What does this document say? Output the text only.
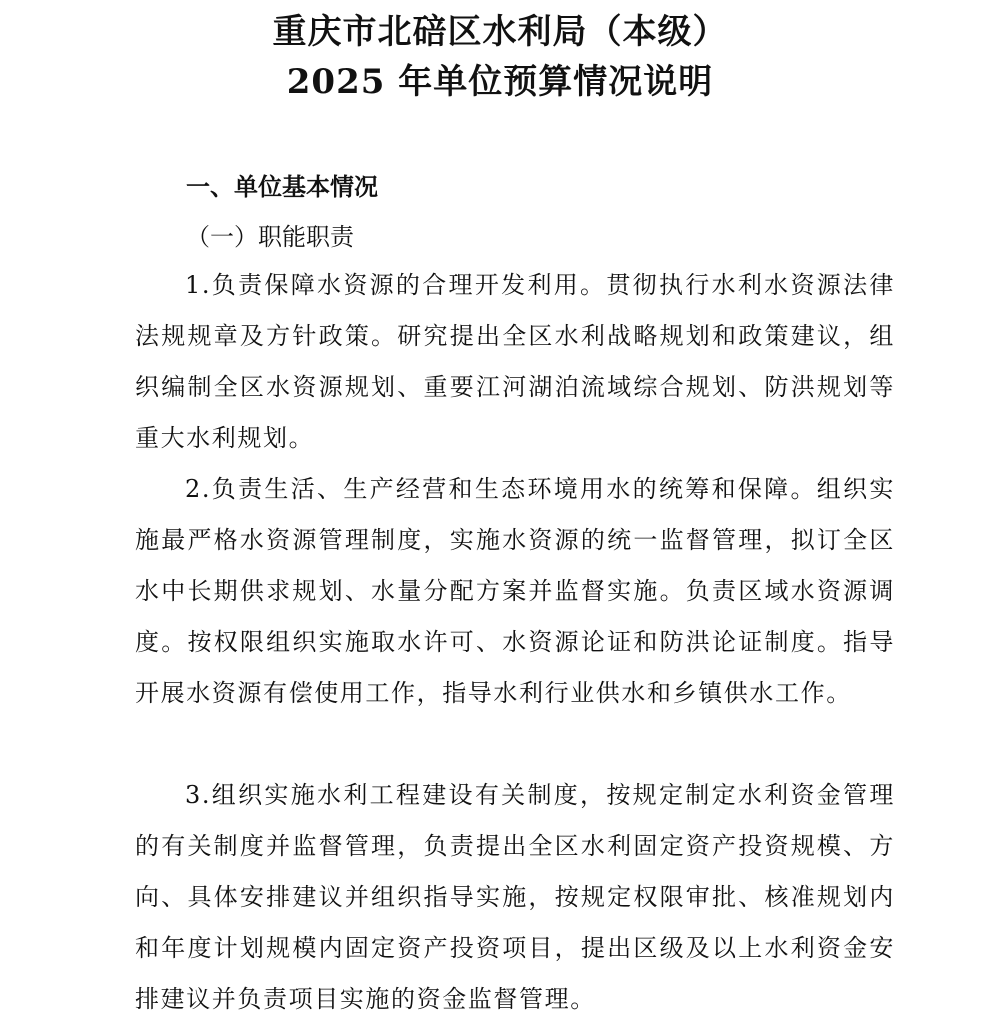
重庆市北碚区水利局（本级）
2025 年单位预算情况说明
一、单位基本情况
（一）职能职责

1.负责保障水资源的合理开发利用。贯彻执行水利水资源法律法规规章及方针政策。研究提出全区水利战略规划和政策建议，组织编制全区水资源规划、重要江河湖泊流域综合规划、防洪规划等重大水利规划。

2.负责生活、生产经营和生态环境用水的统筹和保障。组织实施最严格水资源管理制度，实施水资源的统一监督管理，拟订全区水中长期供求规划、水量分配方案并监督实施。负责区域水资源调度。按权限组织实施取水许可、水资源论证和防洪论证制度。指导开展水资源有偿使用工作，指导水利行业供水和乡镇供水工作。

3.组织实施水利工程建设有关制度，按规定制定水利资金管理的有关制度并监督管理，负责提出全区水利固定资产投资规模、方向、具体安排建议并组织指导实施，按规定权限审批、核准规划内和年度计划规模内固定资产投资项目，提出区级及以上水利资金安排建议并负责项目实施的资金监督管理。
